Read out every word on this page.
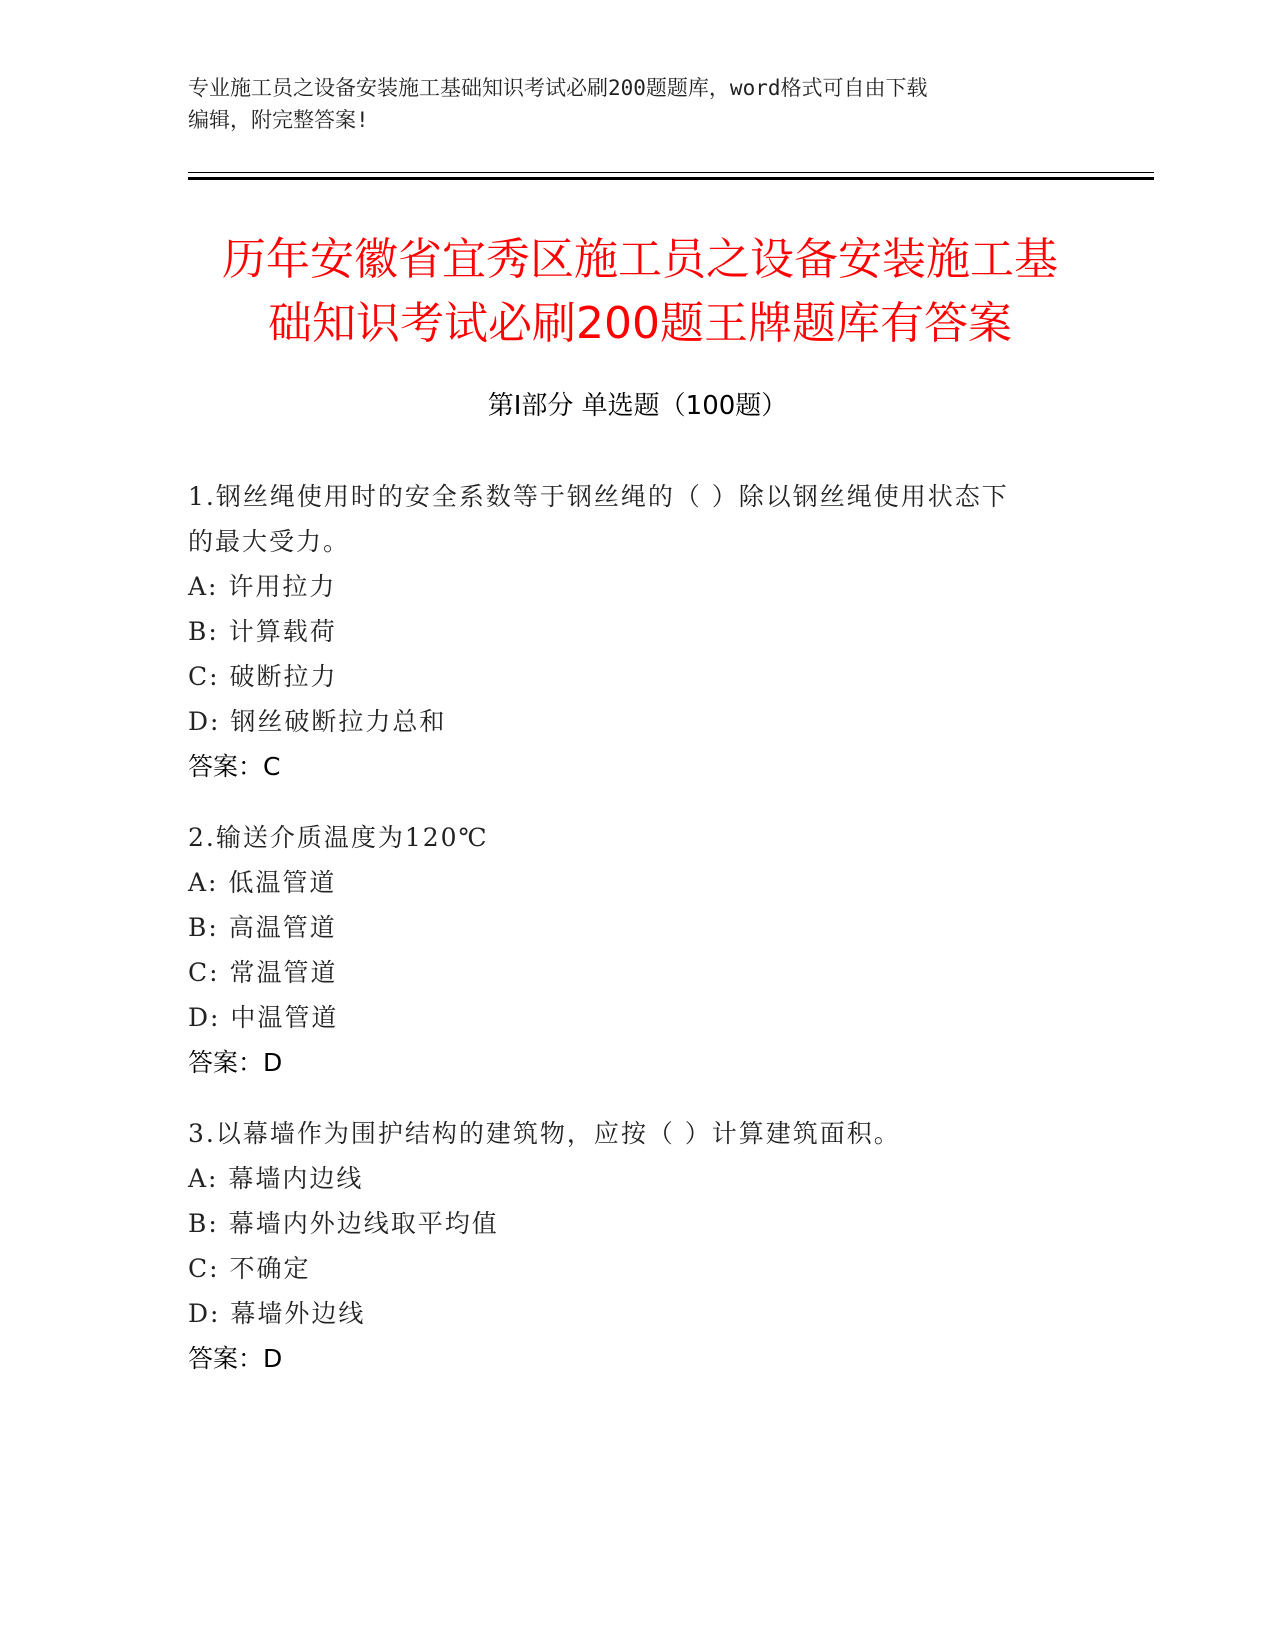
专业施工员之设备安装施工基础知识考试必刷200题题库，word格式可自由下载
编辑，附完整答案!
历年安徽省宜秀区施工员之设备安装施工基
础知识考试必刷200题王牌题库有答案
第Ⅰ部分 单选题（100题）
1.钢丝绳使用时的安全系数等于钢丝绳的（ ）除以钢丝绳使用状态下
的最大受力。
A: 许用拉力
B: 计算载荷
C: 破断拉力
D: 钢丝破断拉力总和
答案：C
2.输送介质温度为120℃
A: 低温管道
B: 高温管道
C: 常温管道
D: 中温管道
答案：D
3.以幕墙作为围护结构的建筑物，应按（ ）计算建筑面积。
A: 幕墙内边线
B: 幕墙内外边线取平均值
C: 不确定
D: 幕墙外边线
答案：D
